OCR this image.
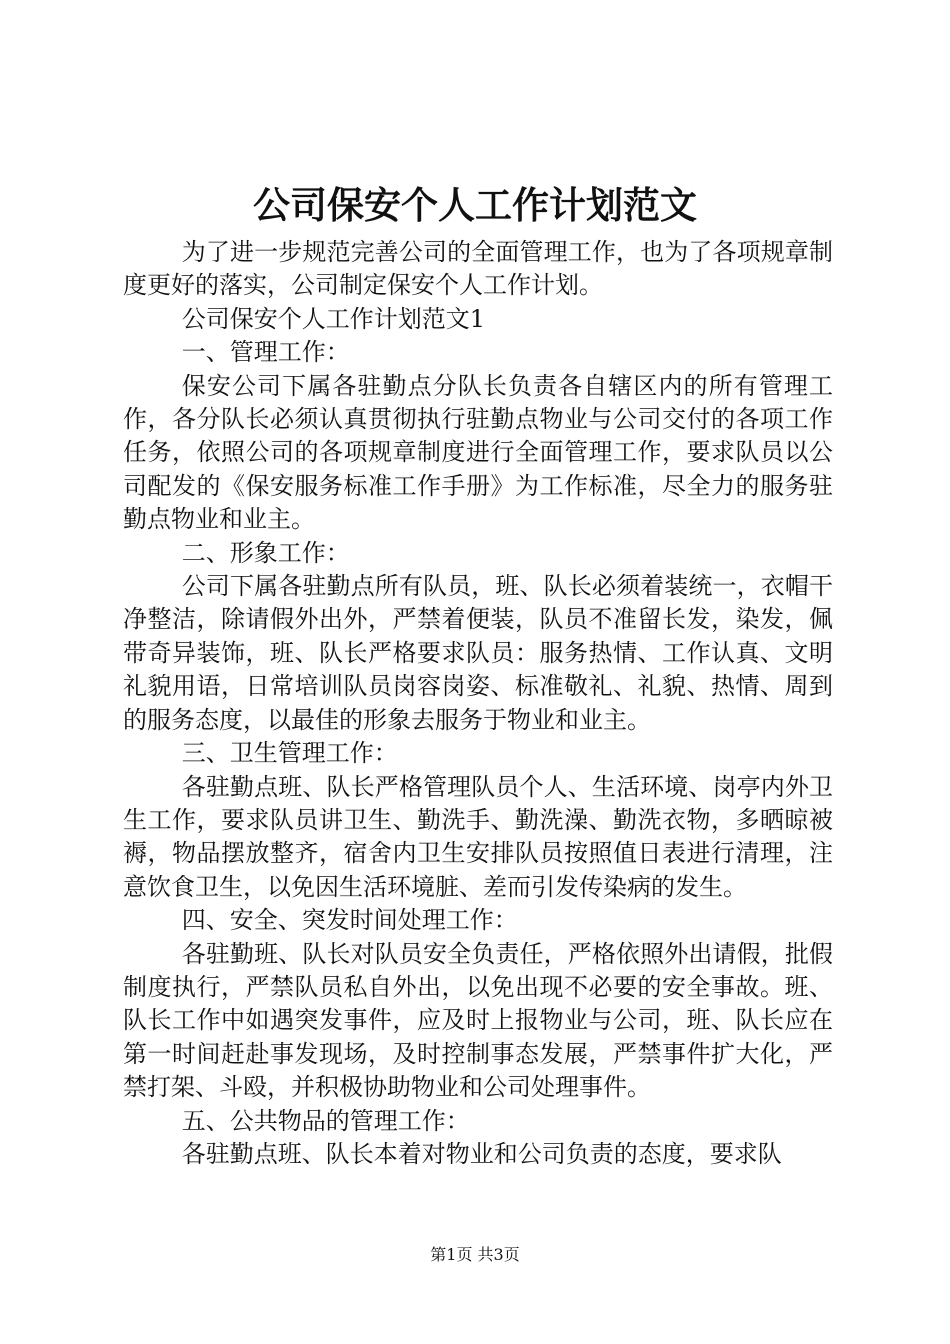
公司保安个人工作计划范文

为了进一步规范完善公司的全面管理工作，也为了各项规章制度更好的落实，公司制定保安个人工作计划。

公司保安个人工作计划范文1

一、管理工作：

保安公司下属各驻勤点分队长负责各自辖区内的所有管理工作，各分队长必须认真贯彻执行驻勤点物业与公司交付的各项工作任务，依照公司的各项规章制度进行全面管理工作，要求队员以公司配发的《保安服务标准工作手册》为工作标准，尽全力的服务驻勤点物业和业主。

二、形象工作：

公司下属各驻勤点所有队员，班、队长必须着装统一，衣帽干净整洁，除请假外出外，严禁着便装，队员不准留长发，染发，佩带奇异装饰，班、队长严格要求队员：服务热情、工作认真、文明礼貌用语，日常培训队员岗容岗姿、标准敬礼、礼貌、热情、周到的服务态度，以最佳的形象去服务于物业和业主。

三、卫生管理工作：

各驻勤点班、队长严格管理队员个人、生活环境、岗亭内外卫生工作，要求队员讲卫生、勤洗手、勤洗澡、勤洗衣物，多晒晾被褥，物品摆放整齐，宿舍内卫生安排队员按照值日表进行清理，注意饮食卫生，以免因生活环境脏、差而引发传染病的发生。

四、安全、突发时间处理工作：

各驻勤班、队长对队员安全负责任，严格依照外出请假，批假制度执行，严禁队员私自外出，以免出现不必要的安全事故。班、队长工作中如遇突发事件，应及时上报物业与公司，班、队长应在第一时间赶赴事发现场，及时控制事态发展，严禁事件扩大化，严禁打架、斗殴，并积极协助物业和公司处理事件。

五、公共物品的管理工作：

各驻勤点班、队长本着对物业和公司负责的态度，要求队

第1页 共3页
